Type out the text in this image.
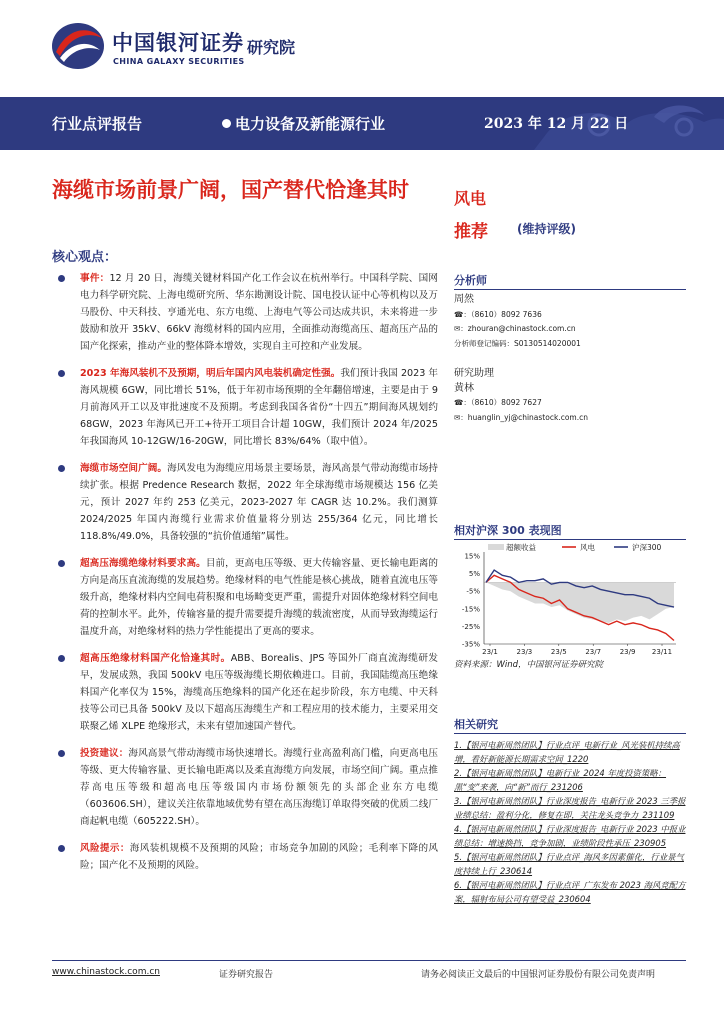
中国银河证券
CHINA GALAXY SECURITIES
研究院
行业点评报告	电力设备及新能源行业	2023 年 12 月 22 日
海缆市场前景广阔，国产替代恰逢其时
核心观点：
事件：12 月 20 日，海缆关键材料国产化工作会议在杭州举行。中国科学院、国网电力科学研究院、上海电缆研究所、华东勘测设计院、国电投认证中心等机构以及万马股份、中天科技、亨通光电、东方电缆、上海电气等公司达成共识，未来将进一步鼓励和放开 35kV、66kV 海缆材料的国内应用，全面推动海缆高压、超高压产品的国产化探索，推动产业的整体降本增效，实现自主可控和产业发展。
2023 年海风装机不及预期，明后年国内风电装机确定性强。我们预计我国 2023 年海风规模 6GW，同比增长 51%，低于年初市场预期的全年翻倍增速，主要是由于 9 月前海风开工以及审批速度不及预期。考虑到我国各省份“十四五”期间海风规划约 68GW，2023 年海风已开工+待开工项目合计超 10GW，我们预计 2024 年/2025 年我国海风 10-12GW/16-20GW，同比增长 83%/64%（取中值）。
海缆市场空间广阔。海风发电为海缆应用场景主要场景，海风高景气带动海缆市场持续扩张。根据 Predence Research 数据，2022 年全球海缆市场规模达 156 亿美元，预计 2027 年约 253 亿美元，2023-2027 年 CAGR 达 10.2%。我们测算 2024/2025 年国内海缆行业需求价值量将分别达 255/364 亿元，同比增长 118.8%/49.0%，具备较强的“抗价值通缩”属性。
超高压海缆绝缘材料要求高。目前，更高电压等级、更大传输容量、更长输电距离的方向是高压直流海缆的发展趋势。绝缘材料的电气性能是核心挑战，随着直流电压等级升高，绝缘材料内空间电荷积聚和电场畸变更严重，需提升对固体绝缘材料空间电荷的控制水平。此外，传输容量的提升需要提升海缆的载流密度，从而导致海缆运行温度升高，对绝缘材料的热力学性能提出了更高的要求。
超高压绝缘材料国产化恰逢其时。ABB、Borealis、JPS 等国外厂商直流海缆研发早，发展成熟，我国 500kV 电压等级海缆长期依赖进口。目前，我国陆缆高压绝缘料国产化率仅为 15%，海缆高压绝缘料的国产化还在起步阶段，东方电缆、中天科技等公司已具备 500kV 及以下超高压海缆生产和工程应用的技术能力，主要采用交联聚乙烯 XLPE 绝缘形式，未来有望加速国产替代。
投资建议：海风高景气带动海缆市场快速增长。海缆行业高盈利高门槛，向更高电压等级、更大传输容量、更长输电距离以及柔直海缆方向发展，市场空间广阔。重点推荐高电压等级和超高电压等级国内市场份额领先的头部企业东方电缆（603606.SH），建议关注依靠地域优势有望在高压海缆订单取得突破的优质二线厂商起帆电缆（605222.SH）。
风险提示：海风装机规模不及预期的风险；市场竞争加剧的风险；毛利率下降的风险；国产化不及预期的风险。
风电
推荐 (维持评级)
分析师
周然
☎：（8610）8092 7636
✉：zhouran@chinastock.com.cn
分析师登记编码：S0130514020001
研究助理
黄林
☎：（8610）8092 7627
✉：huanglin_yj@chinastock.com.cn
相对沪深 300 表现图
超额收益	风电	沪深300
15%
5%
-5%
-15%
-25%
-35%
23/1	23/3	23/5	23/7	23/9 23/11
资料来源：Wind，中国银河证券研究院
相关研究
1.【银河电新周然团队】行业点评_电新行业_风光装机持续高增，看好新能源长期需求空间_1220
2.【银河电新周然团队】电新行业_2024 年度投资策略：黑“变”来袭，向“新”而行_231206
3.【银河电新周然团队】行业深度报告_电新行业 2023 三季报业绩总结：盈利分化，修复在即，关注龙头竞争力_231109
4.【银河电新周然团队】行业深度报告_电新行业 2023 中报业绩总结：增速换挡，竞争加剧，业绩阶段性承压_230905
5.【银河电新周然团队】行业点评_海风多因素催化，行业景气度持续上行_230614
6.【银河电新周然团队】行业点评_广东发布 2023 海风竞配方案，辐射布局公司有望受益_230604
www.chinastock.com.cn	证券研究报告	请务必阅读正文最后的中国银河证券股份有限公司免责声明
